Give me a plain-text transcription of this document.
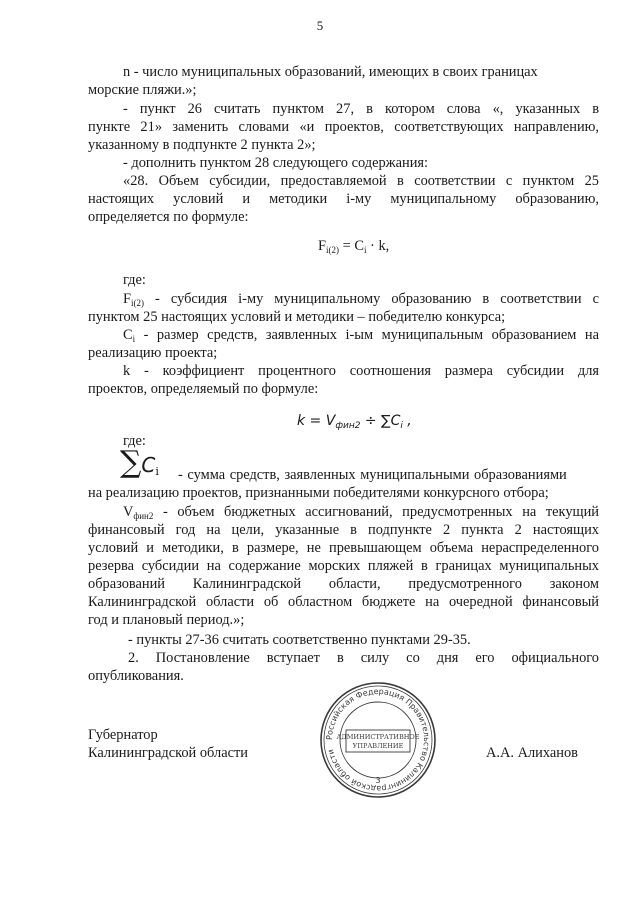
5
n - число муниципальных образований, имеющих в своих границах
морские пляжи.»;
- пункт 26 считать пунктом 27, в котором слова «, указанных в
пункте 21» заменить словами «и проектов, соответствующих направлению,
указанному в подпункте 2 пункта 2»;
- дополнить пунктом 28 следующего содержания:
«28. Объем субсидии, предоставляемой в соответствии с пунктом 25
настоящих условий и методики i-му муниципальному образованию,
определяется по формуле:
$F_{i(2)} = C_i \cdot k$,
где:
$F_{i(2)}$ - субсидия i-му муниципальному образованию в соответствии с
пунктом 25 настоящих условий и методики – победителю конкурса;
$C_i$ - размер средств, заявленных i-ым муниципальным образованием на
реализацию проекта;
k - коэффициент процентного соотношения размера субсидии для
проектов, определяемый по формуле:
$k = V_{фин2} \div \sum C_i$ ,
где:
$\sum C_i$ - сумма средств, заявленных муниципальными образованиями
на реализацию проектов, признанными победителями конкурсного отбора;
$V_{фин2}$ - объем бюджетных ассигнований, предусмотренных на текущий
финансовый год на цели, указанные в подпункте 2 пункта 2 настоящих
условий и методики, в размере, не превышающем объема нераспределенного
резерва субсидии на содержание морских пляжей в границах муниципальных
образований Калининградской области, предусмотренного законом
Калининградской области об областном бюджете на очередной финансовый
год и плановый период.»;
- пункты 27-36 считать соответственно пунктами 29-35.
2. Постановление вступает в силу со дня его официального
опубликования.
Губернатор
Калининградской области	А.А. Алиханов
Российская Федерация Правительство Калининградской области
АДМИНИСТРАТИВНОЕ
УПРАВЛЕНИЕ
3
